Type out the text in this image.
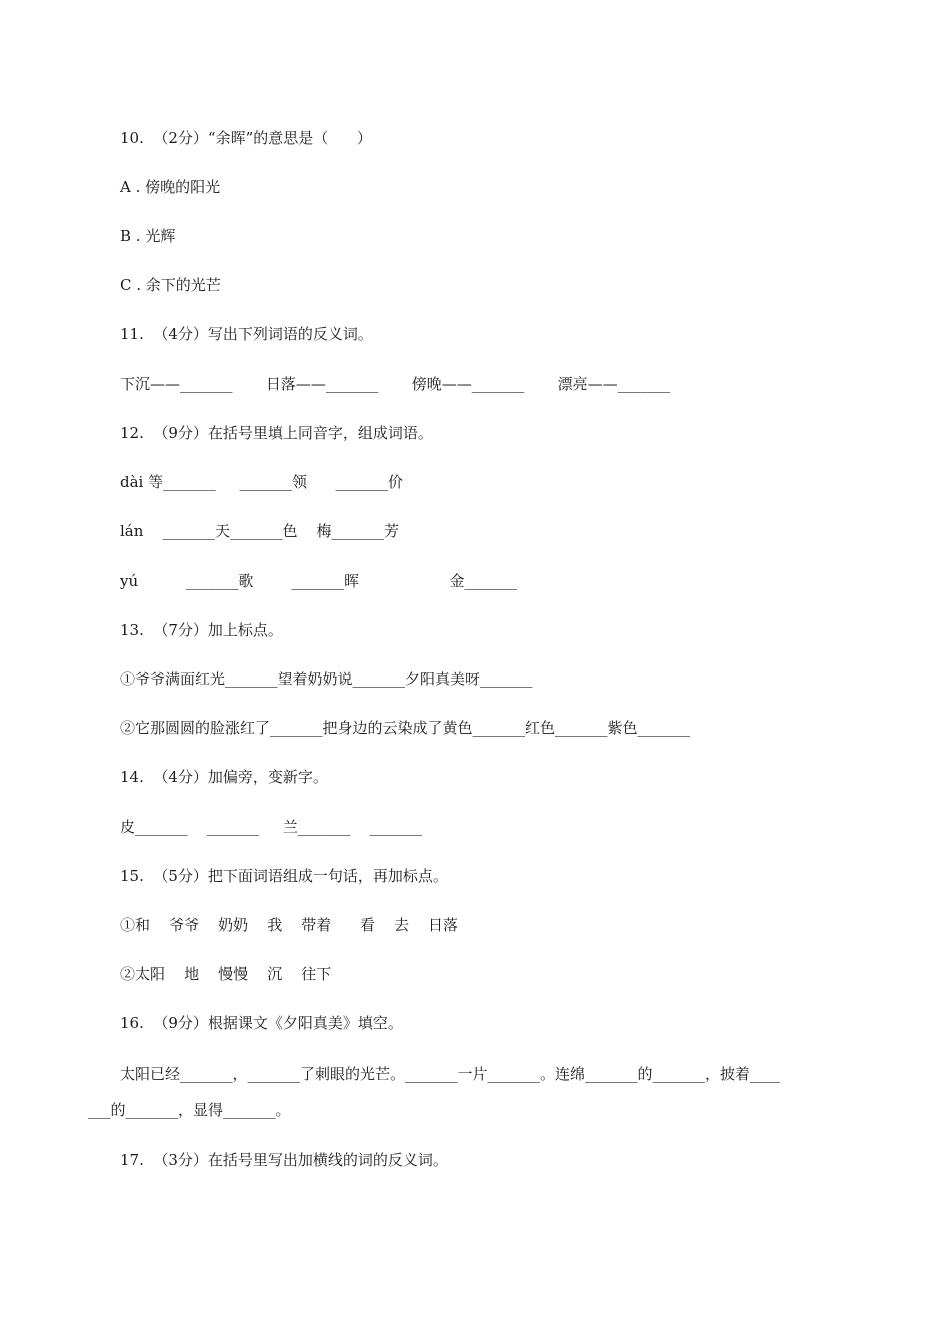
10.  （2分）“余晖”的意思是（      ）
A . 傍晚的阳光
B . 光辉
C . 余下的光芒
11.  （4分）写出下列词语的反义词。
下沉——_______       日落——_______       傍晚——_______       漂亮——_______
12.  （9分）在括号里填上同音字，组成词语。
dài 等_______     _______领      _______价
lán    _______天_______色    梅_______芳
yú          _______歌        _______晖                   金_______
13.  （7分）加上标点。
①爷爷满面红光_______望着奶奶说_______夕阳真美呀_______
②它那圆圆的脸涨红了_______把身边的云染成了黄色_______红色_______紫色_______
14.  （4分）加偏旁，变新字。
皮_______    _______     兰_______    _______
15.  （5分）把下面词语组成一句话，再加标点。
①和    爷爷    奶奶    我    带着      看    去    日落
②太阳    地    慢慢    沉    往下
16.  （9分）根据课文《夕阳真美》填空。
太阳已经_______，_______了刺眼的光芒。_______一片_______。连绵_______的_______，披着____
___的_______，显得_______。
17.  （3分）在括号里写出加横线的词的反义词。
